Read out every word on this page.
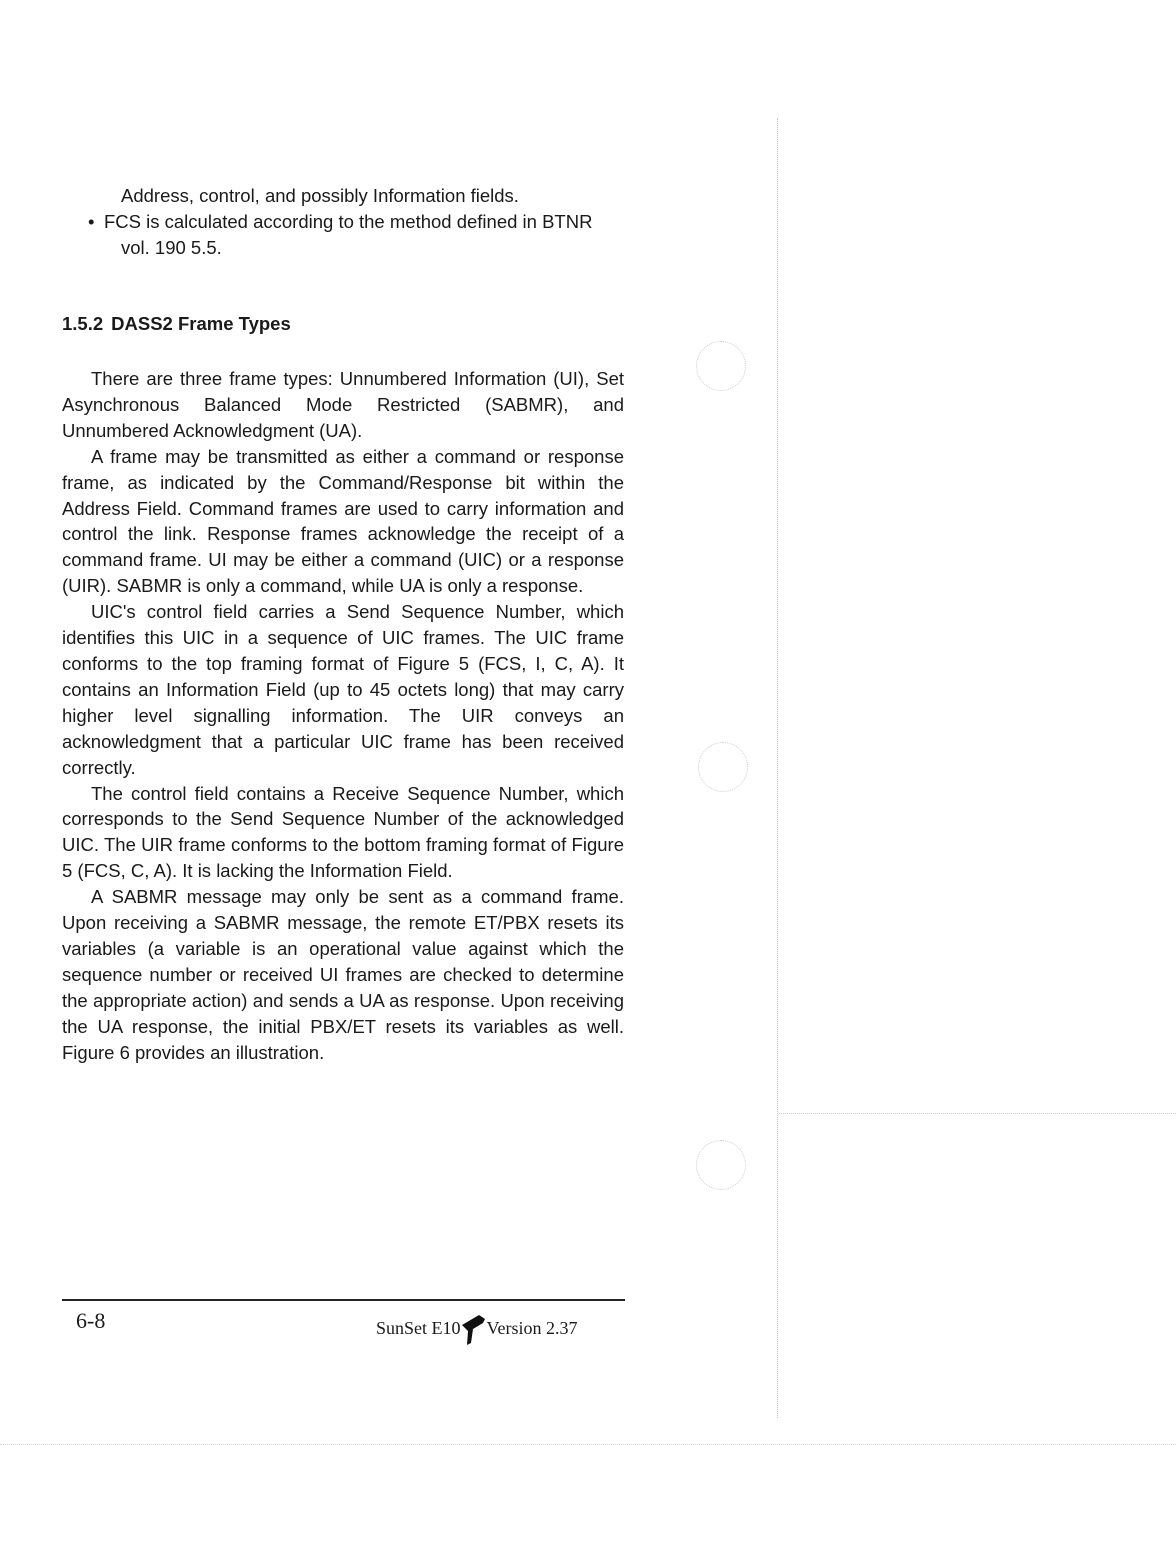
Address, control, and possibly Information fields.
• FCS is calculated according to the method defined in BTNR
vol. 190 5.5.
1.5.2 DASS2 Frame Types

There are three frame types: Unnumbered Information (UI), Set Asynchronous Balanced Mode Restricted (SABMR), and Unnumbered Acknowledgment (UA).

A frame may be transmitted as either a command or response frame, as indicated by the Command/Response bit within the Address Field. Command frames are used to carry information and control the link. Response frames acknowledge the receipt of a command frame. UI may be either a command (UIC) or a response (UIR). SABMR is only a command, while UA is only a response.

UIC's control field carries a Send Sequence Number, which identifies this UIC in a sequence of UIC frames. The UIC frame conforms to the top framing format of Figure 5 (FCS, I, C, A). It contains an Information Field (up to 45 octets long) that may carry higher level signalling information. The UIR conveys an acknowledgment that a particular UIC frame has been received correctly.

The control field contains a Receive Sequence Number, which corresponds to the Send Sequence Number of the acknowledged UIC. The UIR frame conforms to the bottom framing format of Figure 5 (FCS, C, A). It is lacking the Information Field.

A SABMR message may only be sent as a command frame. Upon receiving a SABMR message, the remote ET/PBX resets its variables (a variable is an operational value against which the sequence number or received UI frames are checked to determine the appropriate action) and sends a UA as response. Upon receiving the UA response, the initial PBX/ET resets its variables as well. Figure 6 provides an illustration.

6-8	SunSet E10 Version 2.37
